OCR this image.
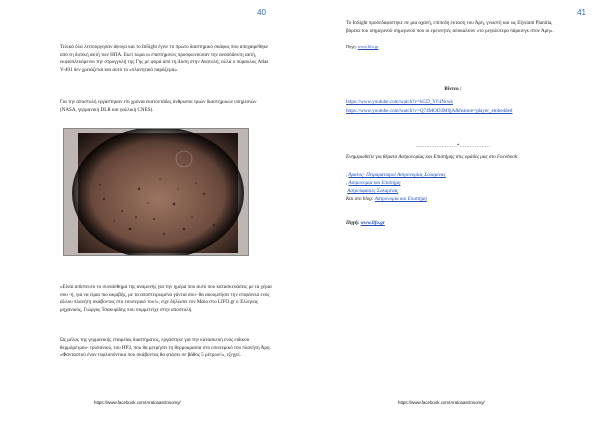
40

Τελικά όλα λειτούργησαν άψογα και το InSight έγινε το πρώτο διαστημικό σκάφος που αποχαιρέθηκε από τη δυτική ακτή των ΗΠΑ. Εκεί τώρα οι επιστήμονες προσφωνούσαν την αναπόδεκτη ακτή, εκφιόπλεκόμενοι την στρογγυλή της Γης με φορά από τη Δύση στην Ανατολή, αλλά ο πύραυλος Atlas V-401 δεν χρειάζεται και αυτό το «πλανητικό παράξεμα».

Για την αποστολή εργάστηκαν επί χρόνια εκατοντάδες άνθρωποι τριών διαστημικών υπηρεσιών (NASA, γερμανική DLR και γαλλική CNES).

«Είναι απίστευτο το συναίσθημα της αναμονής για την ημέρα που αυτό που κατασκευάσεις με τα χέρια σου -ή, για να είμαι πιο ακριβής, με τα αποστειρωμένα γάντια σου- θα ακουμπήσει την επιφάνεια ενός άλλου πλανήτη σκάβοντας στο εσωτερικό του!», είχε δηλώσει τον Μάιο στο LIFO.gr ο Έλληνας μηχανικός, Γιώργος Τσακυρίδης που συμμετείχε στην αποστολή.

Ως μέλος της γερμανικής εταιρείας διαστήματος, εργάστηκε για την κατασκευή ενός ειδικού θερμόμετρου- τρυπανιού, του HP3, που θα μετρήσει τη θερμοκρασία στο εσωτερικό του πλανήτη Άρη. «Φανταστού έναν τυφλοπόντικα που σκάβοντας θα φτάσει σε βάθος 5 μέτρων!», εξηγεί.

https://www.facebook.com/Aratosastronomy/
41

Το InSight προσεδαφίστηκε σε μια αχανή, επίπεδη έκταση του Άρη, γνωστή και ως Elysium Planitia, βόρεια του ισημερινού σημερινού που οι ερευνητές αποκαλούν «το μεγαλύτερο πάρκινγκ στον Άρη».

Πηγή: www.lifo.gr

Βίντεο :

https://www.youtube.com/watch?v=hGD_YF4Nrwk

https://www.youtube.com/watch?v=Q74MOD3M6jA&feature=player_embedded

……………………*………………

Ενημερωθείτε για θέματα Αστρονομίας και Επιστήμης στις ομάδες μας στο Facebook:

, Άρατος- Πειραματισμοί Αστρονομίας Σολαμίνας

, Αστρονομία και Επιστήμη

Αστροϋφάσιες Σολαμίνας

Και στο blog: Αστρονομία και Επιστήμη

Πηγή: www.lifo.gr

https://www.facebook.com/Aratosastronomy/
